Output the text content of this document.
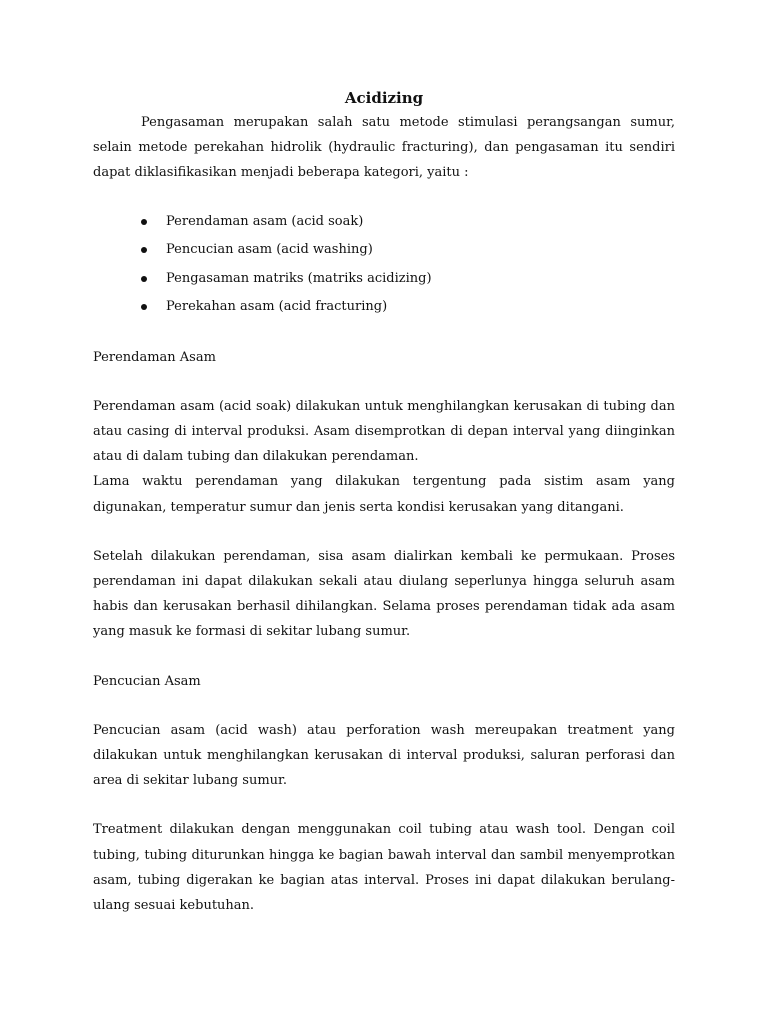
Acidizing

Pengasaman merupakan salah satu metode stimulasi perangsangan sumur, selain metode perekahan hidrolik (hydraulic fracturing), dan pengasaman itu sendiri dapat diklasifikasikan menjadi beberapa kategori, yaitu :

Perendaman asam (acid soak)
Pencucian asam (acid washing)
Pengasaman matriks (matriks acidizing)
Perekahan asam (acid fracturing)

Perendaman Asam

Perendaman asam (acid soak) dilakukan untuk menghilangkan kerusakan di tubing dan atau casing di interval produksi. Asam disemprotkan di depan interval yang diinginkan atau di dalam tubing dan dilakukan perendaman.

Lama waktu perendaman yang dilakukan tergentung pada sistim asam yang digunakan, temperatur sumur dan jenis serta kondisi kerusakan yang ditangani.

Setelah dilakukan perendaman, sisa asam dialirkan kembali ke permukaan. Proses perendaman ini dapat dilakukan sekali atau diulang seperlunya hingga seluruh asam habis dan kerusakan berhasil dihilangkan. Selama proses perendaman tidak ada asam yang masuk ke formasi di sekitar lubang sumur.

Pencucian Asam

Pencucian asam (acid wash) atau perforation wash mereupakan treatment yang dilakukan untuk menghilangkan kerusakan di interval produksi, saluran perforasi dan area di sekitar lubang sumur.

Treatment dilakukan dengan menggunakan coil tubing atau wash tool. Dengan coil tubing, tubing diturunkan hingga ke bagian bawah interval dan sambil menyemprotkan asam, tubing digerakan ke bagian atas interval. Proses ini dapat dilakukan berulang-ulang sesuai kebutuhan.
